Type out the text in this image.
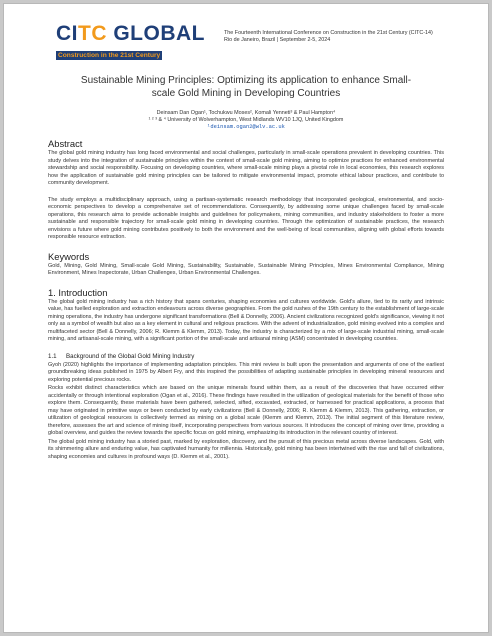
CITC GLOBAL
Construction in the 21st Century
The Fourteenth International Conference on Construction in the 21st Century (CITC-14)
Rio de Janeiro, Brazil | September 2-5, 2024
Sustainable Mining Principles: Optimizing its application to enhance Small-scale Gold Mining in Developing Countries
Deinsam Dan Ogan¹, Tochukwu Moses², Komali Yenneti³ & Paul Hampton⁴
¹ ² ³ & ⁴ University of Wolverhampton, West Midlands WV10 1JQ, United Kingdom
¹deinsam.ogan2@wlv.ac.uk
Abstract

The global gold mining industry has long faced environmental and social challenges, particularly in small-scale operations prevalent in developing countries. This study delves into the integration of sustainable principles within the context of small-scale gold mining, aiming to optimize practices for enhanced environmental stewardship and social responsibility. Focusing on developing countries, where small-scale mining plays a pivotal role in local economies, this research explores how the application of sustainable gold mining principles can be tailored to mitigate environmental impact, promote ethical labour practices, and contribute to community development.

The study employs a multidisciplinary approach, using a partisan-systematic research methodology that incorporated geological, environmental, and socio-economic perspectives to develop a comprehensive set of recommendations. Consequently, by addressing some unique challenges faced by small-scale operations, this research aims to provide actionable insights and guidelines for policymakers, mining communities, and industry stakeholders to foster a more sustainable and responsible trajectory for small-scale gold mining in developing countries. Through the optimization of sustainable practices, the research envisions a future where gold mining contributes positively to both the environment and the well-being of local communities, aligning with global efforts towards responsible resource extraction.

Keywords

Gold, Mining, Gold Mining, Small-scale Gold Mining, Sustainability, Sustainable, Sustainable Mining Principles, Mines Environmental Compliance, Mining Environment, Mines Inspectorate, Urban Challenges, Urban Environmental Challenges.

1. Introduction

The global gold mining industry has a rich history that spans centuries, shaping economies and cultures worldwide. Gold's allure, tied to its rarity and intrinsic value, has fuelled exploration and extraction endeavours across diverse geographies. From the gold rushes of the 19th century to the establishment of large-scale mining operations, the industry has undergone significant transformations (Bell & Donnelly, 2006). Ancient civilizations recognized gold's significance, viewing it not only as a symbol of wealth but also as a key element in cultural and religious practices. With the advent of industrialization, gold mining evolved into a complex and multifaceted sector (Bell & Donnelly, 2006; R. Klemm & Klemm, 2013). Today, the industry is characterized by a mix of large-scale industrial mining, small-scale mining, and artisanal-scale mining, with a significant portion of the small-scale and artisanal mining (ASM) concentrated in developing countries.

1.1 Background of the Global Gold Mining Industry

Gyoh (2020) highlights the importance of implementing adaptation principles. This mini review is built upon the presentation and arguments of one of the earliest groundbreaking ideas published in 1975 by Albert Fry, and this inspired the possibilities of adapting sustainable principles in developing mineral resources and exploring potential precious rocks.

Rocks exhibit distinct characteristics which are based on the unique minerals found within them, as a result of the discoveries that have occurred either accidentally or through intentional exploration (Ogan et al., 2016). These findings have resulted in the utilization of geological materials for the benefit of those who explore them. Consequently, these materials have been gathered, selected, sifted, excavated, extracted, or harnessed for practical applications, a process that may have originated in primitive ways or been conducted by early civilizations (Bell & Donnelly, 2006; R. Klemm & Klemm, 2013). This gathering, extraction, or utilization of geological resources is collectively termed as mining on a global scale (Klemm and Klemm, 2013). The initial segment of this literature review, therefore, assesses the art and science of mining itself, incorporating perspectives from various sources. It introduces the concept of mining over time, providing a global overview, and guides the review towards the specific focus on gold mining, emphasizing its introduction in the relevant country of interest.

The global gold mining industry has a storied past, marked by exploration, discovery, and the pursuit of this precious metal across diverse landscapes. Gold, with its shimmering allure and enduring value, has captivated humanity for millennia. Historically, gold mining has been intertwined with the rise and fall of civilizations, shaping economies and cultures in profound ways (D. Klemm et al., 2001).
